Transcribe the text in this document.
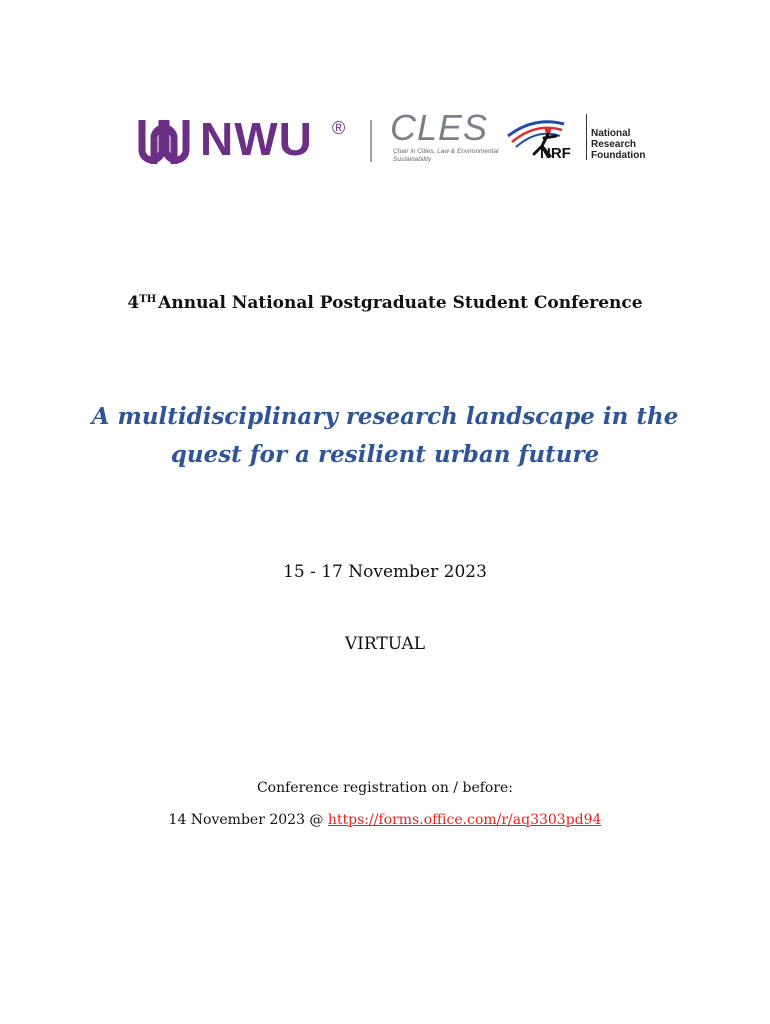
NWU ® CLES
Chair in Cities, Law & Environmental Sustainability	NRF
National Research Foundation
4TH Annual National Postgraduate Student Conference
A multidisciplinary research landscape in the
quest for a resilient urban future
15 - 17 November 2023
VIRTUAL
Conference registration on / before:
14 November 2023 @ https://forms.office.com/r/aq3303pd94
